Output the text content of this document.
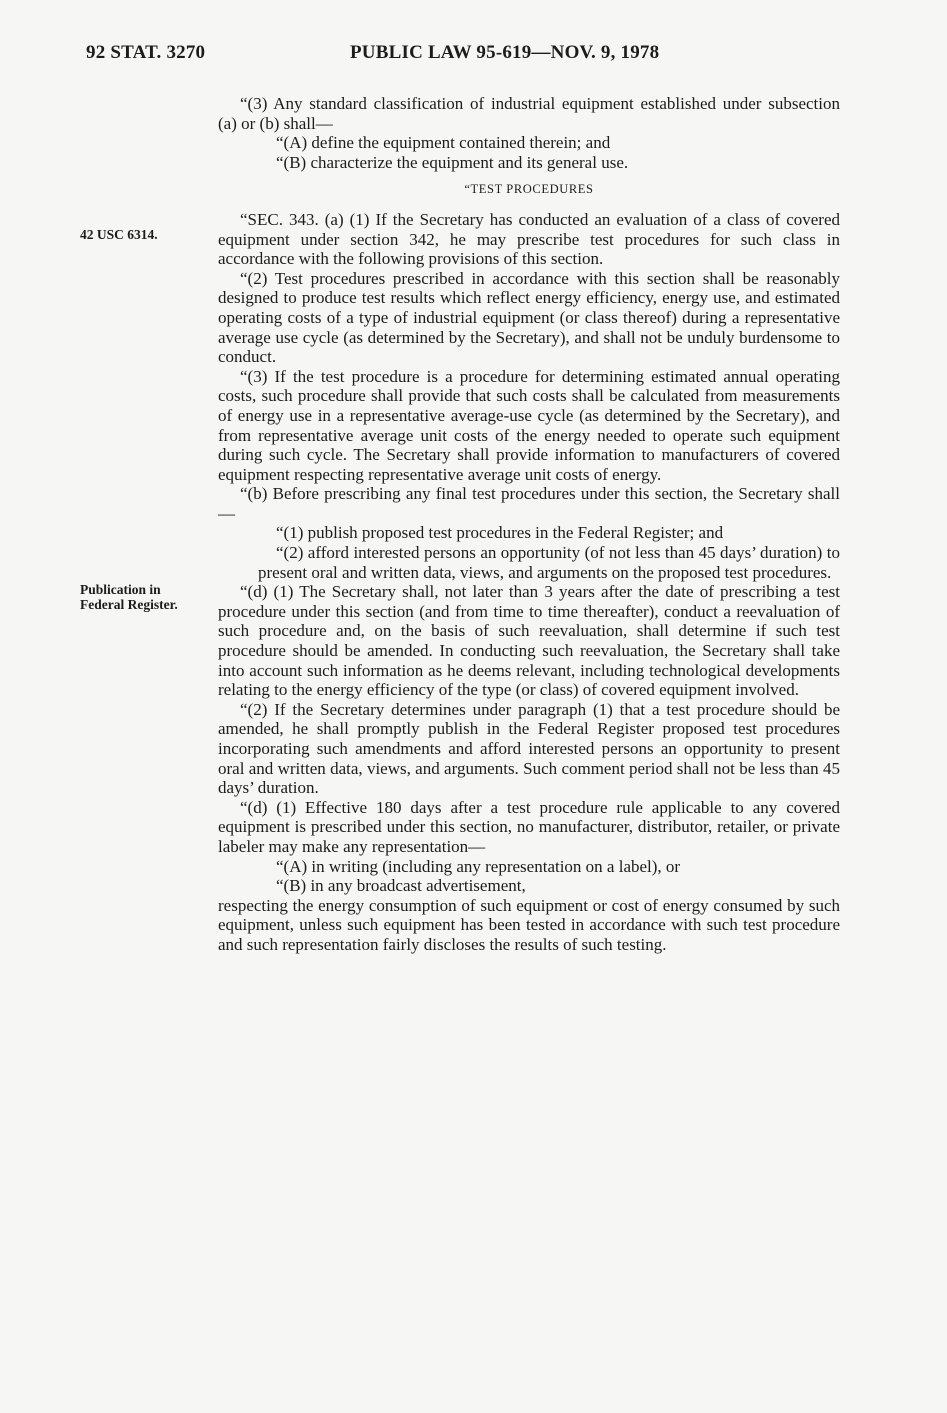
92 STAT. 3270	PUBLIC LAW 95-619—NOV. 9, 1978
42 USC 6314.
Publication in
Federal Register.

“(3) Any standard classification of industrial equipment established under subsection (a) or (b) shall—

“(A) define the equipment contained therein; and

“(B) characterize the equipment and its general use.

“TEST PROCEDURES

“SEC. 343. (a) (1) If the Secretary has conducted an evaluation of a class of covered equipment under section 342, he may prescribe test procedures for such class in accordance with the following provisions of this section.

“(2) Test procedures prescribed in accordance with this section shall be reasonably designed to produce test results which reflect energy efficiency, energy use, and estimated operating costs of a type of industrial equipment (or class thereof) during a representative average use cycle (as determined by the Secretary), and shall not be unduly burdensome to conduct.

“(3) If the test procedure is a procedure for determining estimated annual operating costs, such procedure shall provide that such costs shall be calculated from measurements of energy use in a representative average-use cycle (as determined by the Secretary), and from representative average unit costs of the energy needed to operate such equipment during such cycle. The Secretary shall provide information to manufacturers of covered equipment respecting representative average unit costs of energy.

“(b) Before prescribing any final test procedures under this section, the Secretary shall—

“(1) publish proposed test procedures in the Federal Register; and

“(2) afford interested persons an opportunity (of not less than 45 days’ duration) to present oral and written data, views, and arguments on the proposed test procedures.

“(d) (1) The Secretary shall, not later than 3 years after the date of prescribing a test procedure under this section (and from time to time thereafter), conduct a reevaluation of such procedure and, on the basis of such reevaluation, shall determine if such test procedure should be amended. In conducting such reevaluation, the Secretary shall take into account such information as he deems relevant, including technological developments relating to the energy efficiency of the type (or class) of covered equipment involved.

“(2) If the Secretary determines under paragraph (1) that a test procedure should be amended, he shall promptly publish in the Federal Register proposed test procedures incorporating such amendments and afford interested persons an opportunity to present oral and written data, views, and arguments. Such comment period shall not be less than 45 days’ duration.

“(d) (1) Effective 180 days after a test procedure rule applicable to any covered equipment is prescribed under this section, no manufacturer, distributor, retailer, or private labeler may make any representation—

“(A) in writing (including any representation on a label), or

“(B) in any broadcast advertisement,

respecting the energy consumption of such equipment or cost of energy consumed by such equipment, unless such equipment has been tested in accordance with such test procedure and such representation fairly discloses the results of such testing.
